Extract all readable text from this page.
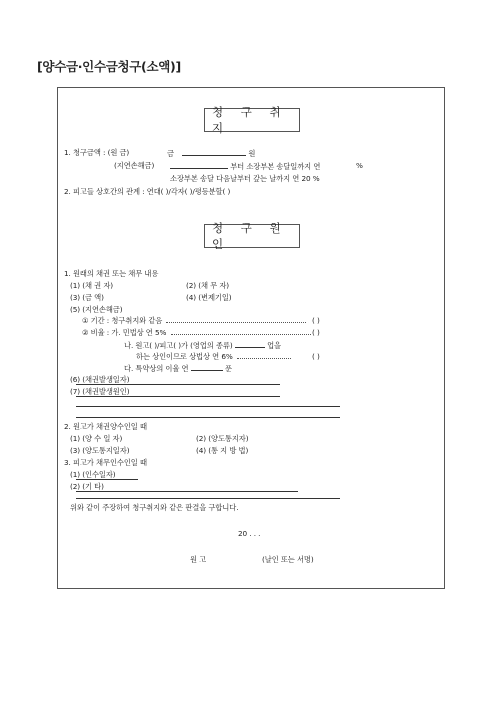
[양수금·인수금청구(소액)]
청 구 취 지
1. 청구금액 : (원 금)	금	원
(지연손해금)	부터 소장부본 송달일까지 연	%
소장부본 송달 다음날부터 갚는 날까지 연 20 %
2. 피고들 상호간의 관계 : 연대( )/각자( )/평등분할( )
청 구 원 인
1. 원래의 채권 또는 채무 내용
(1) (채 권 자)	(2) (채 무 자)
(3) (금 액)	(4) (변제기일)
(5) (지연손해금)
① 기간 : 청구취지와 같음	( )
② 비율 : 가. 민법상 연 5%	( )
나. 원고( )/피고( )가 (영업의 종류)	업을
하는 상인이므로 상법상 연 6%	( )
다. 특약상의 이율 연	푼
(6) (채권발생일자)
(7) (채권발생원인)
2. 원고가 채권양수인일 때
(1) (양 수 일 자)	(2) (양도통지자)
(3) (양도통지일자)	(4) (통 지 방 법)
3. 피고가 채무인수인일 때
(1) (인수일자)
(2) (기 타)
위와 같이 주장하여 청구취지와 같은 판결을 구합니다.
20 . . .
원 고	(날인 또는 서명)
